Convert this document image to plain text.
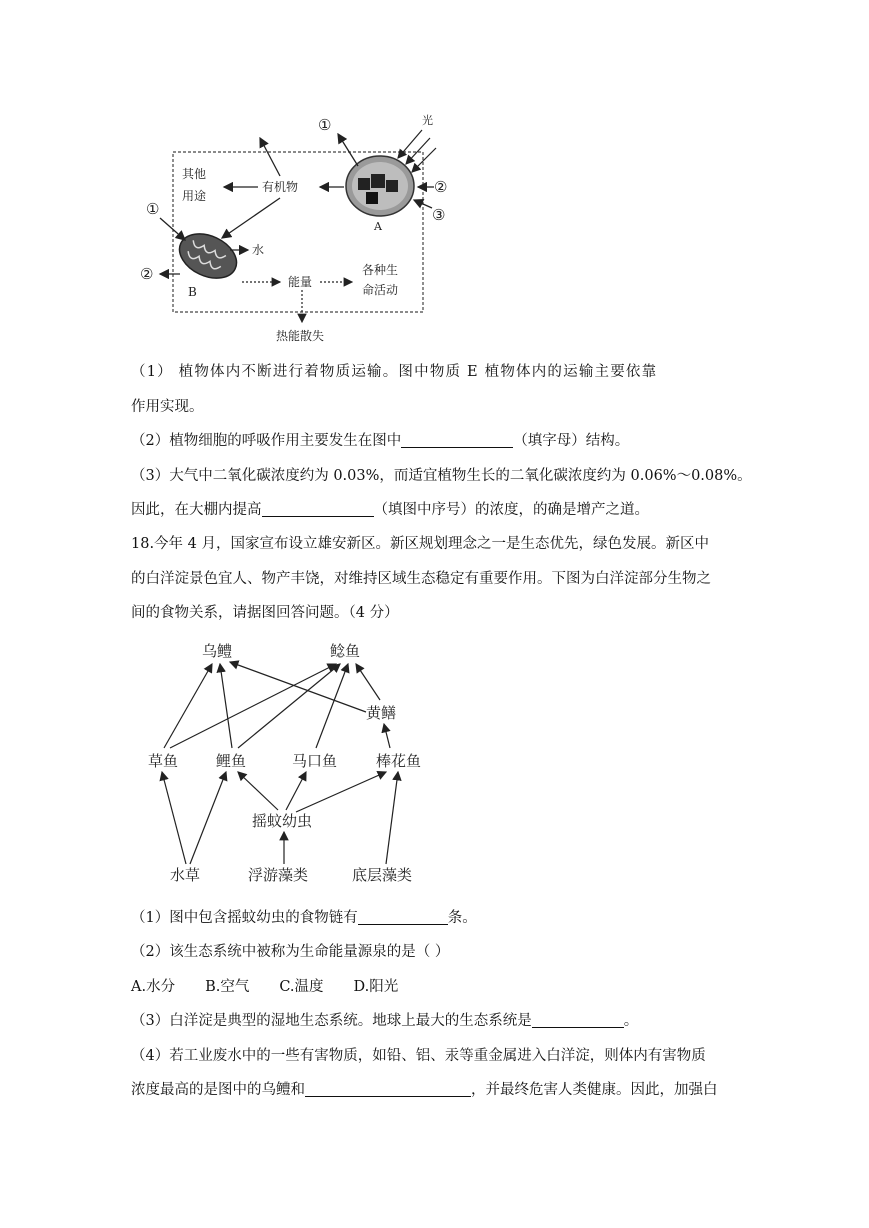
光
①
②
③
A
有机物
其他
用途
①
②
水
B
能量
各种生
命活动
热能散失
（1） 植物体内不断进行着物质运输。图中物质 E 植物体内的运输主要依靠
作用实现。
（2）植物细胞的呼吸作用主要发生在图中	（填字母）结构。
（3）大气中二氧化碳浓度约为 0.03%，而适宜植物生长的二氧化碳浓度约为 0.06%～0.08%。
因此，在大棚内提高	（填图中序号）的浓度，的确是增产之道。
18.今年 4 月，国家宣布设立雄安新区。新区规划理念之一是生态优先，绿色发展。新区中
的白洋淀景色宜人、物产丰饶，对维持区域生态稳定有重要作用。下图为白洋淀部分生物之
间的食物关系，请据图回答问题。（4 分）
乌鳢	鲶鱼
黄鳝
草鱼	鲤鱼	马口鱼	棒花鱼
摇蚊幼虫
水草	浮游藻类	底层藻类
（1）图中包含摇蚊幼虫的食物链有	条。
（2）该生态系统中被称为生命能量源泉的是（ ）
A.水分 B.空气 C.温度 D.阳光
（3）白洋淀是典型的湿地生态系统。地球上最大的生态系统是	。
（4）若工业废水中的一些有害物质，如铅、铝、汞等重金属进入白洋淀，则体内有害物质
浓度最高的是图中的乌鳢和	，并最终危害人类健康。因此，加强白
